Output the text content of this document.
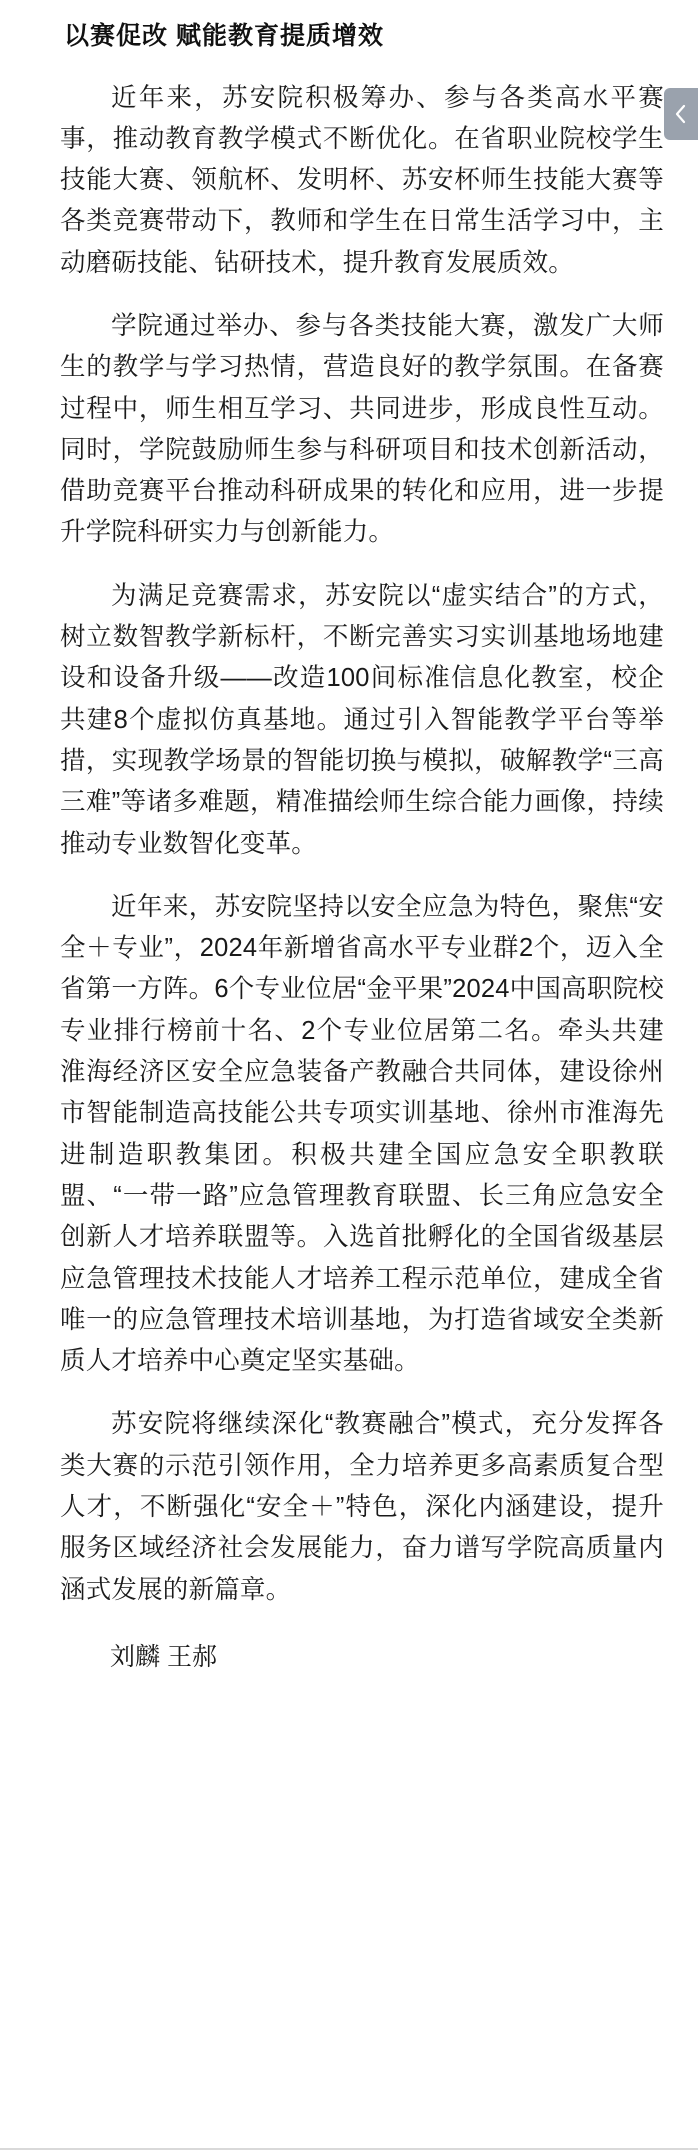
以赛促改 赋能教育提质增效

近年来，苏安院积极筹办、参与各类高水平赛事，推动教育教学模式不断优化。在省职业院校学生技能大赛、领航杯、发明杯、苏安杯师生技能大赛等各类竞赛带动下，教师和学生在日常生活学习中，主动磨砺技能、钻研技术，提升教育发展质效。

学院通过举办、参与各类技能大赛，激发广大师生的教学与学习热情，营造良好的教学氛围。在备赛过程中，师生相互学习、共同进步，形成良性互动。同时，学院鼓励师生参与科研项目和技术创新活动，借助竞赛平台推动科研成果的转化和应用，进一步提升学院科研实力与创新能力。

为满足竞赛需求，苏安院以“虚实结合”的方式，树立数智教学新标杆，不断完善实习实训基地场地建设和设备升级——改造100间标准信息化教室，校企共建8个虚拟仿真基地。通过引入智能教学平台等举措，实现教学场景的智能切换与模拟，破解教学“三高三难”等诸多难题，精准描绘师生综合能力画像，持续推动专业数智化变革。

近年来，苏安院坚持以安全应急为特色，聚焦“安全＋专业”，2024年新增省高水平专业群2个，迈入全省第一方阵。6个专业位居“金平果”2024中国高职院校专业排行榜前十名、2个专业位居第二名。牵头共建淮海经济区安全应急装备产教融合共同体，建设徐州市智能制造高技能公共专项实训基地、徐州市淮海先进制造职教集团。积极共建全国应急安全职教联盟、“一带一路”应急管理教育联盟、长三角应急安全创新人才培养联盟等。入选首批孵化的全国省级基层应急管理技术技能人才培养工程示范单位，建成全省唯一的应急管理技术培训基地，为打造省域安全类新质人才培养中心奠定坚实基础。

苏安院将继续深化“教赛融合”模式，充分发挥各类大赛的示范引领作用，全力培养更多高素质复合型人才，不断强化“安全＋”特色，深化内涵建设，提升服务区域经济社会发展能力，奋力谱写学院高质量内涵式发展的新篇章。

刘麟 王郝
